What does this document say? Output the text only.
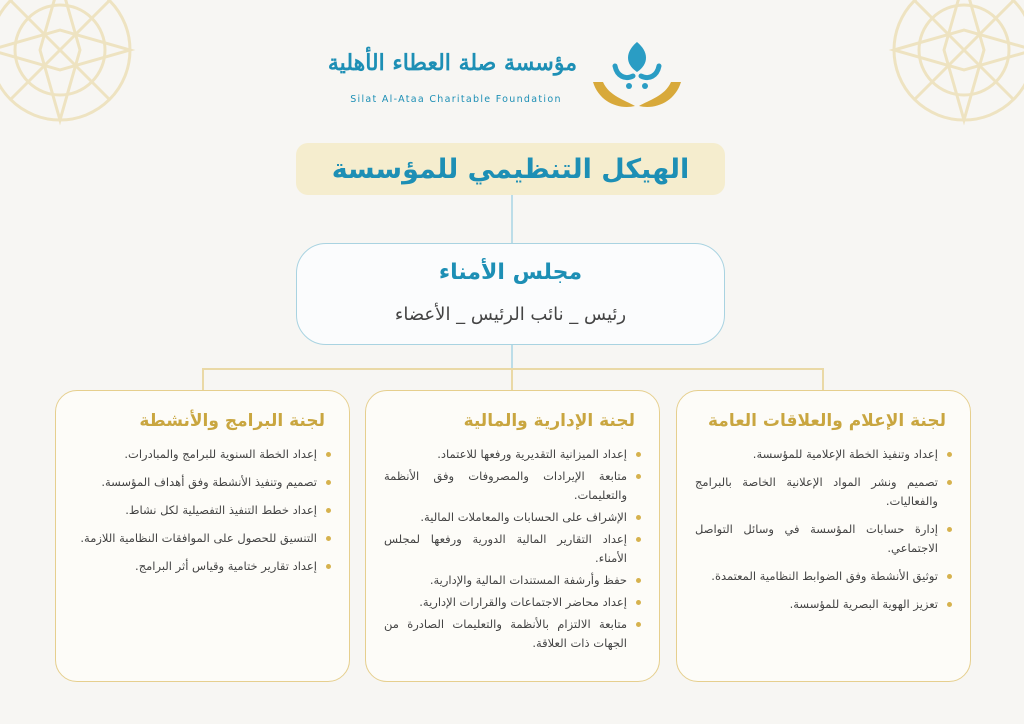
مؤسسة صلة العطاء الأهلية
Silat Al-Ataa Charitable Foundation
الهيكل التنظيمي للمؤسسة
مجلس الأمناء
رئيس _ نائب الرئيس _ الأعضاء
لجنة الإعلام والعلاقات العامة
إعداد وتنفيذ الخطة الإعلامية للمؤسسة.
تصميم ونشر المواد الإعلانية الخاصة بالبرامج والفعاليات.
إدارة حسابات المؤسسة في وسائل التواصل الاجتماعي.
توثيق الأنشطة وفق الضوابط النظامية المعتمدة.
تعزيز الهوية البصرية للمؤسسة.
لجنة الإدارية والمالية
إعداد الميزانية التقديرية ورفعها للاعتماد.
متابعة الإيرادات والمصروفات وفق الأنظمة والتعليمات.
الإشراف على الحسابات والمعاملات المالية.
إعداد التقارير المالية الدورية ورفعها لمجلس الأمناء.
حفظ وأرشفة المستندات المالية والإدارية.
إعداد محاضر الاجتماعات والقرارات الإدارية.
متابعة الالتزام بالأنظمة والتعليمات الصادرة من الجهات ذات العلاقة.
لجنة البرامج والأنشطة
إعداد الخطة السنوية للبرامج والمبادرات.
تصميم وتنفيذ الأنشطة وفق أهداف المؤسسة.
إعداد خطط التنفيذ التفصيلية لكل نشاط.
التنسيق للحصول على الموافقات النظامية اللازمة.
إعداد تقارير ختامية وقياس أثر البرامج.
